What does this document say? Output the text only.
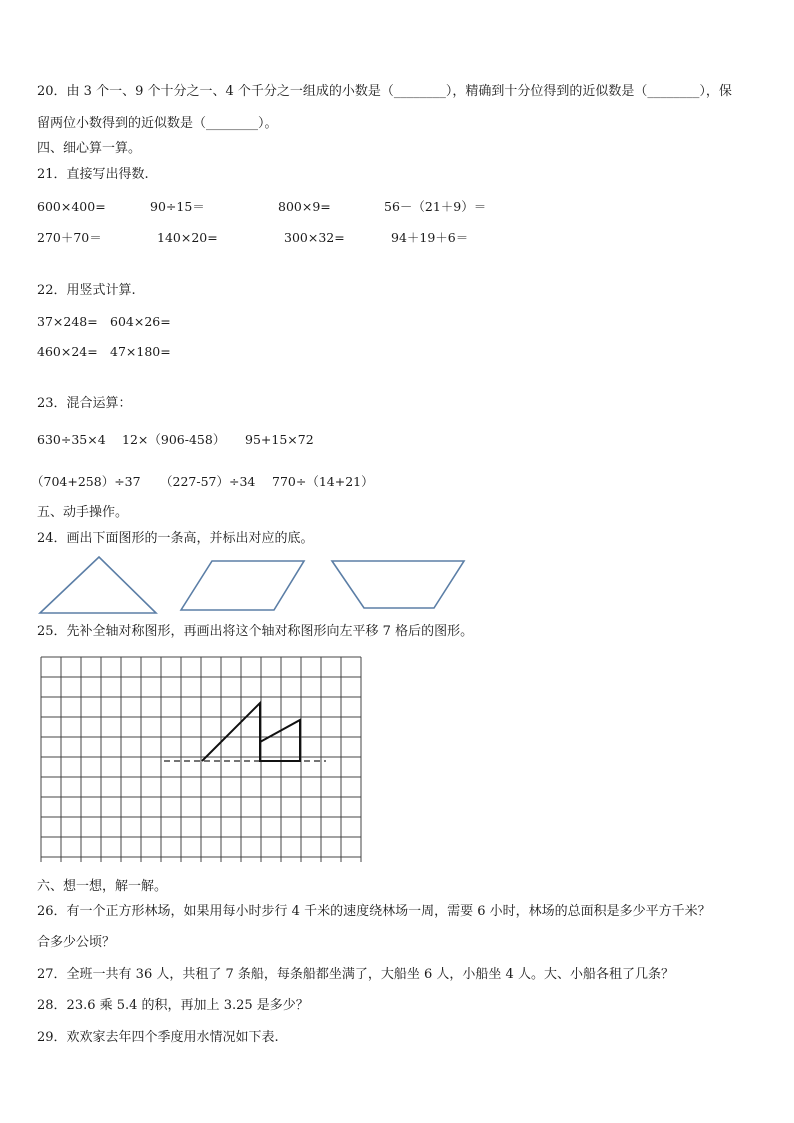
20．由 3 个一、9 个十分之一、4 个千分之一组成的小数是（________），精确到十分位得到的近似数是（________），保
留两位小数得到的近似数是（________）。
四、细心算一算。
21．直接写出得数.
600×400=	90÷15＝	800×9=	56－（21＋9）＝
270＋70＝	140×20=	300×32=	94＋19＋6＝
22．用竖式计算.
37×248= 604×26=
460×24= 47×180=
23．混合运算：
630÷35×4 12×（906-458） 95+15×72
（704+258）÷37 （227-57）÷34 770÷（14+21）
五、动手操作。
24．画出下面图形的一条高，并标出对应的底。
25．先补全轴对称图形，再画出将这个轴对称图形向左平移 7 格后的图形。
六、想一想，解一解。
26．有一个正方形林场，如果用每小时步行 4 千米的速度绕林场一周，需要 6 小时，林场的总面积是多少平方千米？
合多少公顷？
27．全班一共有 36 人，共租了 7 条船，每条船都坐满了，大船坐 6 人，小船坐 4 人。大、小船各租了几条？
28．23.6 乘 5.4 的积，再加上 3.25 是多少？
29．欢欢家去年四个季度用水情况如下表.
